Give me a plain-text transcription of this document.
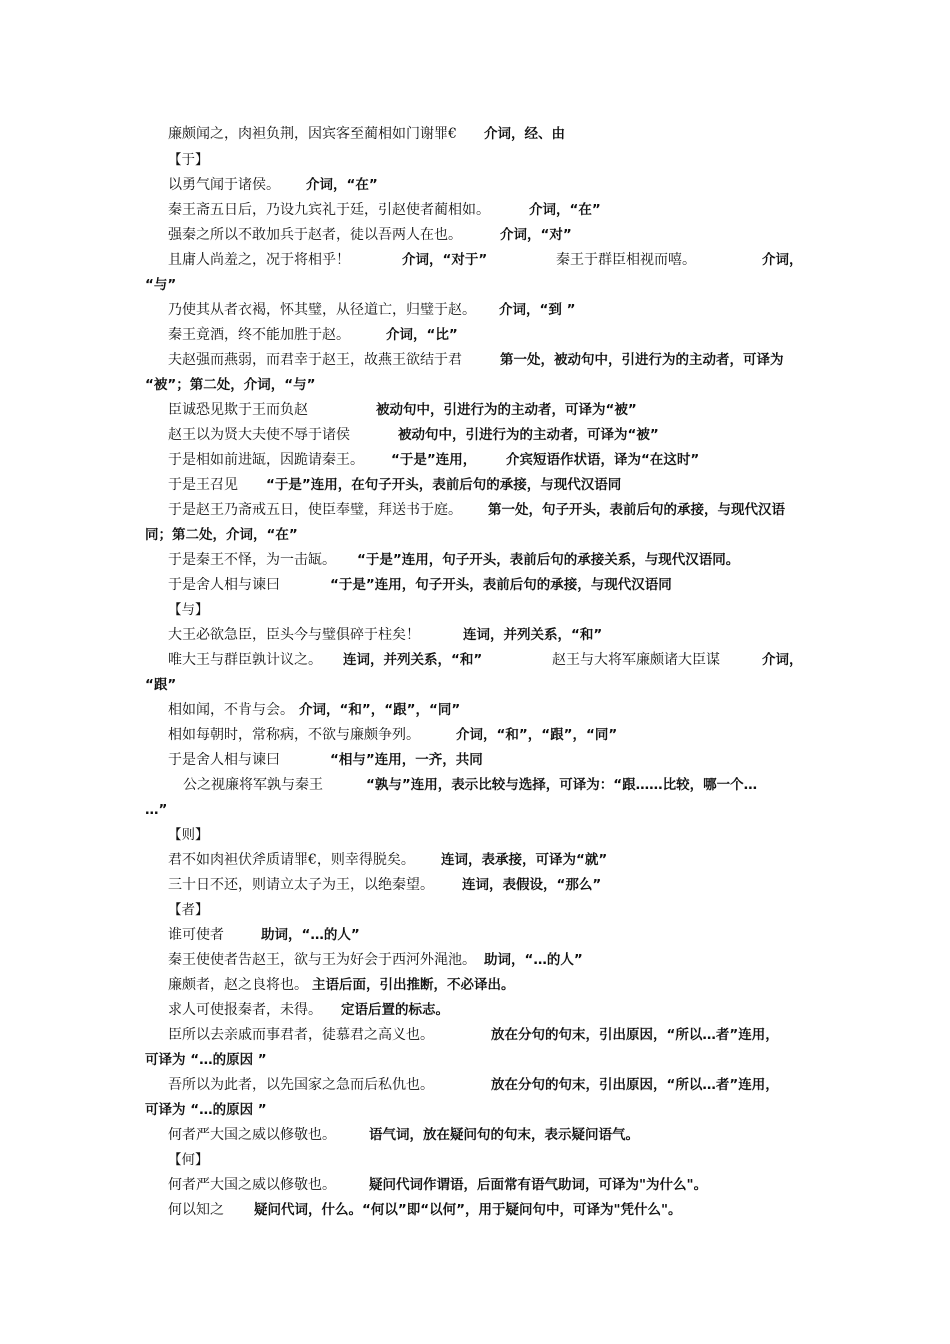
廉颇闻之，肉袒负荆，因宾客至蔺相如门谢罪€ 介词，经、由
【于】
以勇气闻于诸侯。 介词，“在”
秦王斋五日后，乃设九宾礼于廷，引赵使者蔺相如。	介词，“在”
强秦之所以不敢加兵于赵者，徒以吾两人在也。	介词，“对”
且庸人尚羞之，况于将相乎！	介词，“对于”	秦王于群臣相视而嘻。	介词，
“与”
乃使其从者衣褐，怀其璧，从径道亡，归璧于赵。 介词，“到 ”
秦王竟酒，终不能加胜于赵。	介词，“比”
夫赵强而燕弱，而君幸于赵王，故燕王欲结于君	第一处，被动句中，引进行为的主动者，可译为
“被”；第二处，介词，“与”
臣诚恐见欺于王而负赵	被动句中，引进行为的主动者，可译为“被”
赵王以为贤大夫使不辱于诸侯	被动句中，引进行为的主动者，可译为“被”
于是相如前进缻，因跪请秦王。 “于是”连用， 介宾短语作状语，译为“在这时”
于是王召见 “于是”连用，在句子开头，表前后句的承接，与现代汉语同
于是赵王乃斋戒五日，使臣奉璧，拜送书于庭。 第一处，句子开头，表前后句的承接，与现代汉语
同；第二处，介词，“在”
于是秦王不怿，为一击缻。 “于是”连用，句子开头，表前后句的承接关系，与现代汉语同。
于是舍人相与谏曰	“于是”连用，句子开头，表前后句的承接，与现代汉语同
【与】
大王必欲急臣，臣头今与璧俱碎于柱矣！	连词，并列关系，“和”
唯大王与群臣孰计议之。 连词，并列关系，“和”	赵王与大将军廉颇诸大臣谋	介词，
“跟”
相如闻，不肯与会。 介词，“和”，“跟”，“同”
相如每朝时，常称病，不欲与廉颇争列。	介词，“和”，“跟”，“同”
于是舍人相与谏曰	“相与”连用，一齐，共同
公之视廉将军孰与秦王	“孰与”连用，表示比较与选择，可译为：“跟……比较，哪一个…
…”
【则】
君不如肉袒伏斧质请罪€，则幸得脱矣。 连词，表承接，可译为“就”
三十日不还，则请立太子为王，以绝秦望。 连词，表假设，“那么”
【者】
谁可使者	助词，“…的人”
秦王使使者告赵王，欲与王为好会于西河外渑池。 助词，“…的人”
廉颇者，赵之良将也。 主语后面，引出推断，不必译出。
求人可使报秦者，未得。 定语后置的标志。
臣所以去亲戚而事君者，徒慕君之高义也。	放在分句的句末，引出原因，“所以…者”连用，
可译为 “…的原因 ”
吾所以为此者，以先国家之急而后私仇也。	放在分句的句末，引出原因，“所以…者”连用，
可译为 “…的原因 ”
何者严大国之威以修敬也。 语气词，放在疑问句的句末，表示疑问语气。
【何】
何者严大国之威以修敬也。 疑问代词作谓语，后面常有语气助词，可译为"为什么"。
何以知之 疑问代词，什么。“何以”即“以何”，用于疑问句中，可译为"凭什么"。
